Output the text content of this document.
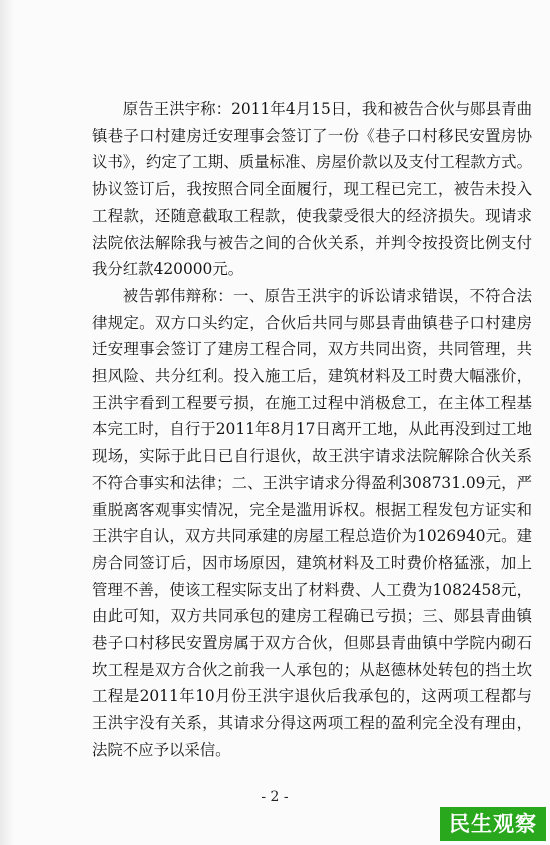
原告王洪宇称：2011年4月15日，我和被告合伙与郧县青曲镇巷子口村建房迁安理事会签订了一份《巷子口村移民安置房协议书》，约定了工期、质量标准、房屋价款以及支付工程款方式。协议签订后，我按照合同全面履行，现工程已完工，被告未投入工程款，还随意截取工程款，使我蒙受很大的经济损失。现请求法院依法解除我与被告之间的合伙关系，并判令按投资比例支付我分红款420000元。

被告郭伟辩称：一、原告王洪宇的诉讼请求错误，不符合法律规定。双方口头约定，合伙后共同与郧县青曲镇巷子口村建房迁安理事会签订了建房工程合同，双方共同出资，共同管理，共担风险、共分红利。投入施工后，建筑材料及工时费大幅涨价，王洪宇看到工程要亏损，在施工过程中消极怠工，在主体工程基本完工时，自行于2011年8月17日离开工地，从此再没到过工地现场，实际于此日已自行退伙，故王洪宇请求法院解除合伙关系不符合事实和法律；二、王洪宇请求分得盈利308731.09元，严重脱离客观事实情况，完全是滥用诉权。根据工程发包方证实和王洪宇自认，双方共同承建的房屋工程总造价为1026940元。建房合同签订后，因市场原因，建筑材料及工时费价格猛涨，加上管理不善，使该工程实际支出了材料费、人工费为1082458元，由此可知，双方共同承包的建房工程确已亏损；三、郧县青曲镇巷子口村移民安置房属于双方合伙，但郧县青曲镇中学院内砌石坎工程是双方合伙之前我一人承包的；从赵德林处转包的挡土坎工程是2011年10月份王洪宇退伙后我承包的，这两项工程都与王洪宇没有关系，其请求分得这两项工程的盈利完全没有理由，法院不应予以采信。

- 2 -
民生观察
